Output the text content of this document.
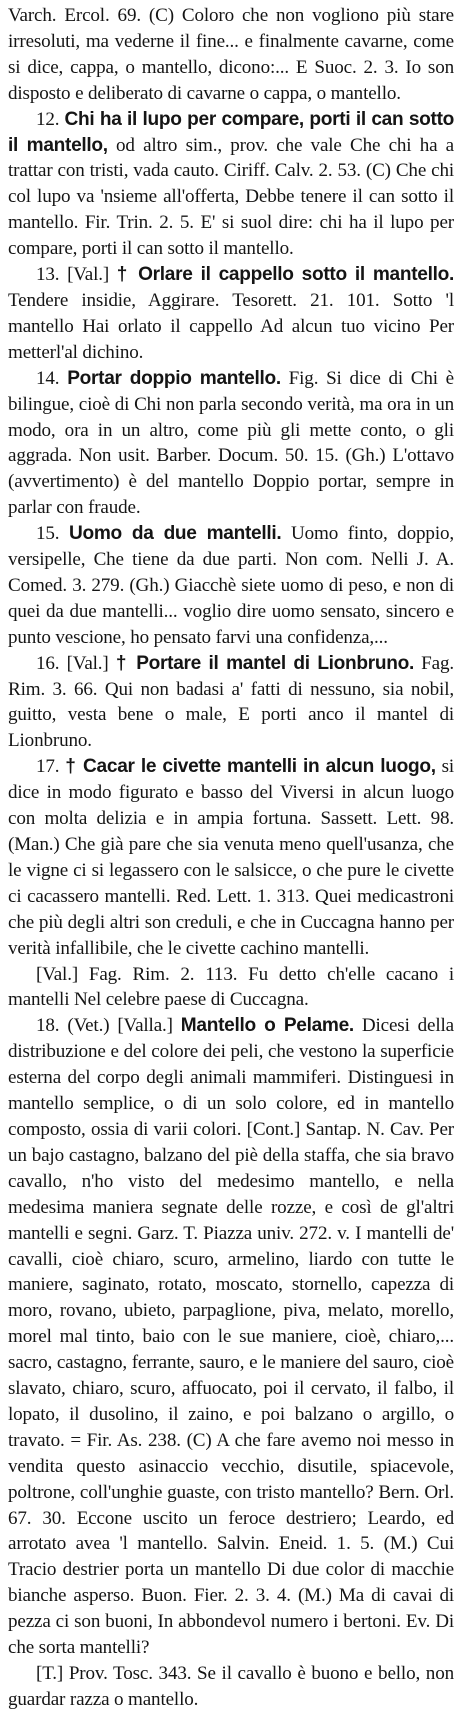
Varch. Ercol. 69. (C) Coloro che non vogliono più stare irresoluti, ma vederne il fine... e finalmente cavarne, come si dice, cappa, o mantello, dicono:... E Suoc. 2. 3. Io son disposto e deliberato di cavarne o cappa, o mantello.

12. Chi ha il lupo per compare, porti il can sotto il mantello, od altro sim., prov. che vale Che chi ha a trattar con tristi, vada cauto. Ciriff. Calv. 2. 53. (C) Che chi col lupo va 'nsieme all'offerta, Debbe tenere il can sotto il mantello. Fir. Trin. 2. 5. E' si suol dire: chi ha il lupo per compare, porti il can sotto il mantello.

13. [Val.] † Orlare il cappello sotto il mantello. Tendere insidie, Aggirare. Tesorett. 21. 101. Sotto 'l mantello Hai orlato il cappello Ad alcun tuo vicino Per metterl'al dichino.

14. Portar doppio mantello. Fig. Si dice di Chi è bilingue, cioè di Chi non parla secondo verità, ma ora in un modo, ora in un altro, come più gli mette conto, o gli aggrada. Non usit. Barber. Docum. 50. 15. (Gh.) L'ottavo (avvertimento) è del mantello Doppio portar, sempre in parlar con fraude.

15. Uomo da due mantelli. Uomo finto, doppio, versipelle, Che tiene da due parti. Non com. Nelli J. A. Comed. 3. 279. (Gh.) Giacchè siete uomo di peso, e non di quei da due mantelli... voglio dire uomo sensato, sincero e punto vescione, ho pensato farvi una confidenza,...

16. [Val.] † Portare il mantel di Lionbruno. Fag. Rim. 3. 66. Qui non badasi a' fatti di nessuno, sia nobil, guitto, vesta bene o male, E porti anco il mantel di Lionbruno.

17. † Cacar le civette mantelli in alcun luogo, si dice in modo figurato e basso del Viversi in alcun luogo con molta delizia e in ampia fortuna. Sassett. Lett. 98. (Man.) Che già pare che sia venuta meno quell'usanza, che le vigne ci si legassero con le salsicce, o che pure le civette ci cacassero mantelli. Red. Lett. 1. 313. Quei medicastroni che più degli altri son creduli, e che in Cuccagna hanno per verità infallibile, che le civette cachino mantelli.

[Val.] Fag. Rim. 2. 113. Fu detto ch'elle cacano i mantelli Nel celebre paese di Cuccagna.

18. (Vet.) [Valla.] Mantello o Pelame. Dicesi della distribuzione e del colore dei peli, che vestono la superficie esterna del corpo degli animali mammiferi. Distinguesi in mantello semplice, o di un solo colore, ed in mantello composto, ossia di varii colori. [Cont.] Santap. N. Cav. Per un bajo castagno, balzano del piè della staffa, che sia bravo cavallo, n'ho visto del medesimo mantello, e nella medesima maniera segnate delle rozze, e così de gl'altri mantelli e segni. Garz. T. Piazza univ. 272. v. I mantelli de' cavalli, cioè chiaro, scuro, armelino, liardo con tutte le maniere, saginato, rotato, moscato, stornello, capezza di moro, rovano, ubieto, parpaglione, piva, melato, morello, morel mal tinto, baio con le sue maniere, cioè, chiaro,... sacro, castagno, ferrante, sauro, e le maniere del sauro, cioè slavato, chiaro, scuro, affuocato, poi il cervato, il falbo, il lopato, il dusolino, il zaino, e poi balzano o argillo, o travato. = Fir. As. 238. (C) A che fare avemo noi messo in vendita questo asinaccio vecchio, disutile, spiacevole, poltrone, coll'unghie guaste, con tristo mantello? Bern. Orl. 67. 30. Eccone uscito un feroce destriero; Leardo, ed arrotato avea 'l mantello. Salvin. Eneid. 1. 5. (M.) Cui Tracio destrier porta un mantello Di due color di macchie bianche asperso. Buon. Fier. 2. 3. 4. (M.) Ma di cavai di pezza ci son buoni, In abbondevol numero i bertoni. Ev. Di che sorta mantelli?

[T.] Prov. Tosc. 343. Se il cavallo è buono e bello, non guardar razza o mantello.
